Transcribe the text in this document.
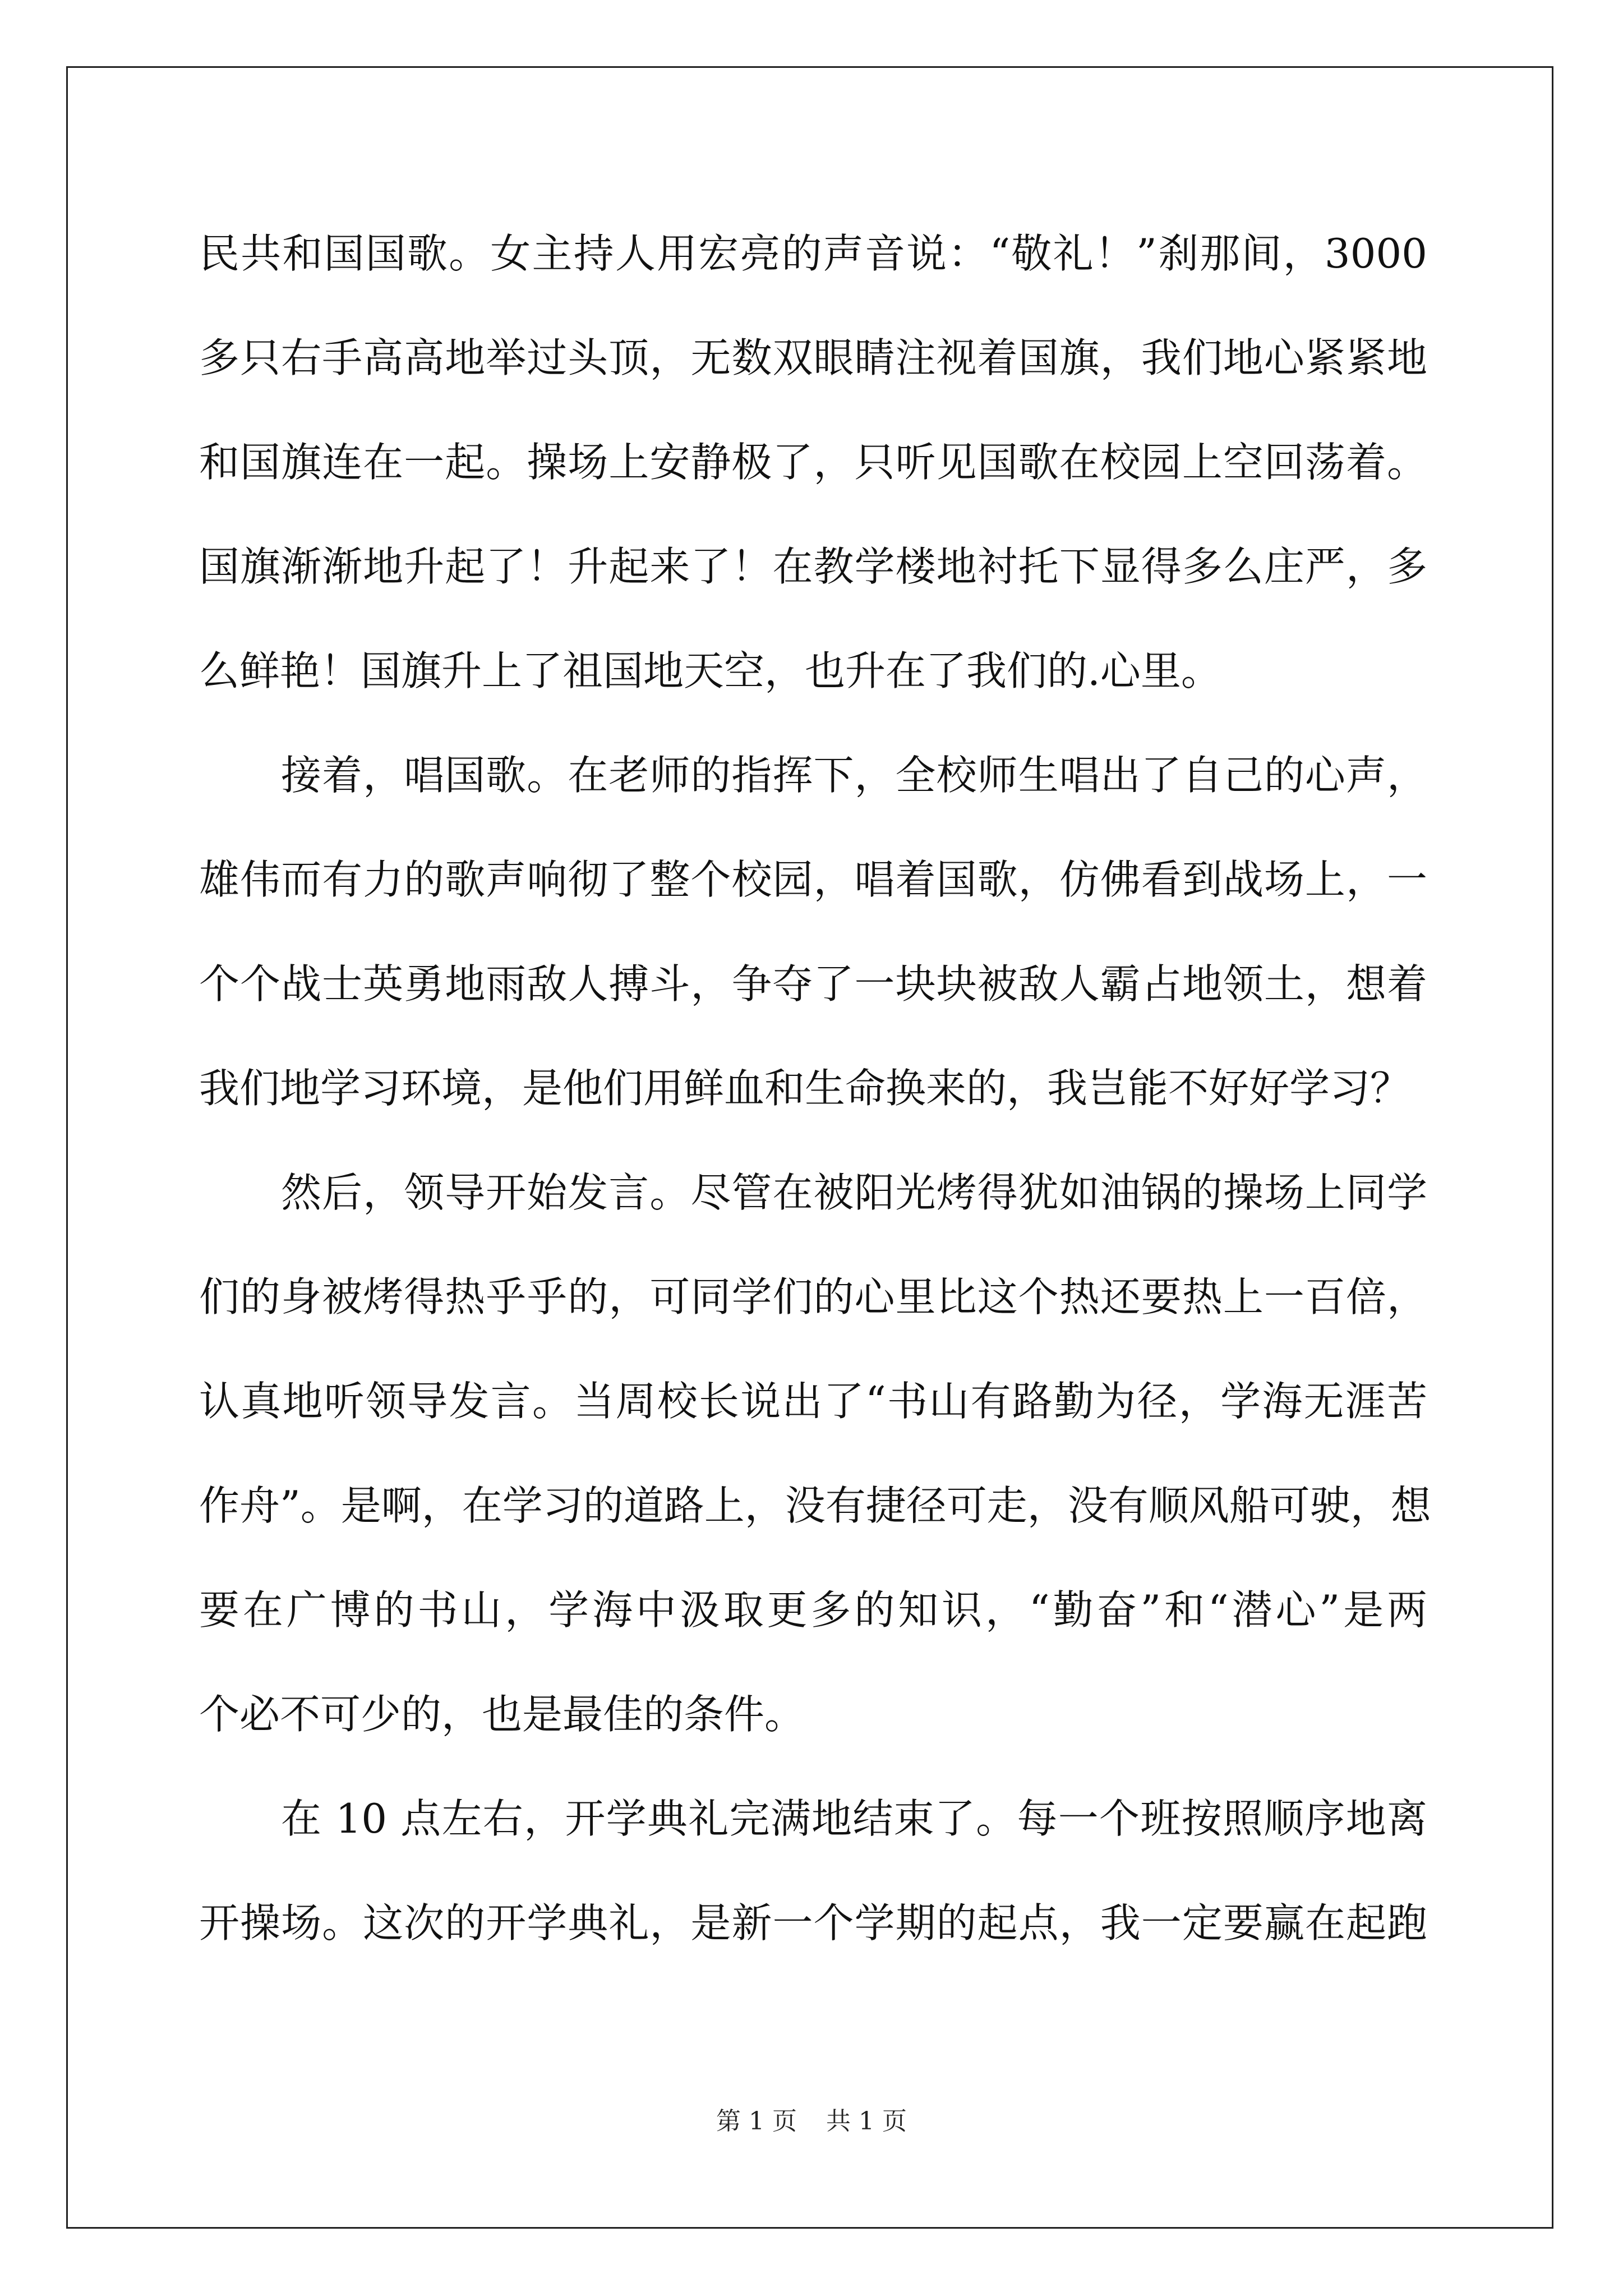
民共和国国歌。女主持人用宏亮的声音说：“敬礼！”刹那间，3000
多只右手高高地举过头顶，无数双眼睛注视着国旗，我们地心紧紧地
和国旗连在一起。操场上安静极了，只听见国歌在校园上空回荡着。
国旗渐渐地升起了！升起来了！在教学楼地衬托下显得多么庄严，多
么鲜艳！国旗升上了祖国地天空，也升在了我们的.心里。
接着，唱国歌。在老师的指挥下，全校师生唱出了自己的心声，
雄伟而有力的歌声响彻了整个校园，唱着国歌，仿佛看到战场上，一
个个战士英勇地雨敌人搏斗，争夺了一块块被敌人霸占地领土，想着
我们地学习环境，是他们用鲜血和生命换来的，我岂能不好好学习？
然后，领导开始发言。尽管在被阳光烤得犹如油锅的操场上同学
们的身被烤得热乎乎的，可同学们的心里比这个热还要热上一百倍，
认真地听领导发言。当周校长说出了“书山有路勤为径，学海无涯苦
作舟”。是啊，在学习的道路上，没有捷径可走，没有顺风船可驶，想
要在广博的书山，学海中汲取更多的知识，“勤奋”和“潜心”是两
个必不可少的，也是最佳的条件。
在 10 点左右，开学典礼完满地结束了。每一个班按照顺序地离
开操场。这次的开学典礼，是新一个学期的起点，我一定要赢在起跑
第 1 页 共 1 页
